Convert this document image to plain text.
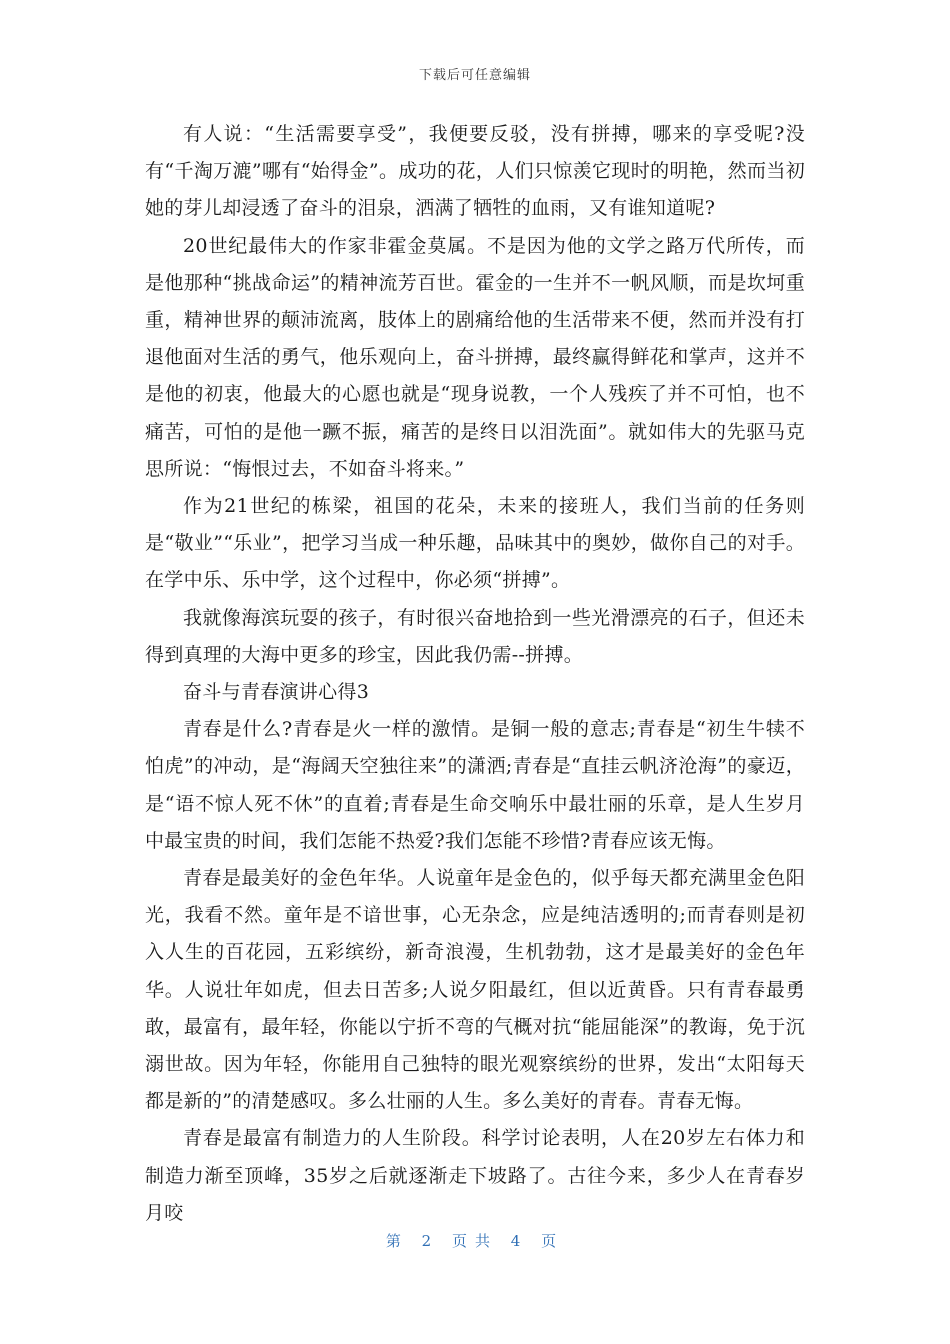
下载后可任意编辑

有人说：“生活需要享受”，我便要反驳，没有拼搏，哪来的享受呢?没有“千淘万漉”哪有“始得金”。成功的花，人们只惊羡它现时的明艳，然而当初她的芽儿却浸透了奋斗的泪泉，洒满了牺牲的血雨，又有谁知道呢?

20世纪最伟大的作家非霍金莫属。不是因为他的文学之路万代所传，而是他那种“挑战命运”的精神流芳百世。霍金的一生并不一帆风顺，而是坎坷重重，精神世界的颠沛流离，肢体上的剧痛给他的生活带来不便，然而并没有打退他面对生活的勇气，他乐观向上，奋斗拼搏，最终赢得鲜花和掌声，这并不是他的初衷，他最大的心愿也就是“现身说教，一个人残疾了并不可怕，也不痛苦，可怕的是他一蹶不振，痛苦的是终日以泪洗面”。就如伟大的先驱马克思所说：“悔恨过去，不如奋斗将来。”

作为21世纪的栋梁，祖国的花朵，未来的接班人，我们当前的任务则是“敬业”“乐业”，把学习当成一种乐趣，品味其中的奥妙，做你自己的对手。在学中乐、乐中学，这个过程中，你必须“拼搏”。

我就像海滨玩耍的孩子，有时很兴奋地拾到一些光滑漂亮的石子，但还未得到真理的大海中更多的珍宝，因此我仍需--拼搏。

奋斗与青春演讲心得3

青春是什么?青春是火一样的激情。是铜一般的意志;青春是“初生牛犊不怕虎”的冲动，是“海阔天空独往来”的潇洒;青春是“直挂云帆济沧海”的豪迈，是“语不惊人死不休”的直着;青春是生命交响乐中最壮丽的乐章，是人生岁月中最宝贵的时间，我们怎能不热爱?我们怎能不珍惜?青春应该无悔。

青春是最美好的金色年华。人说童年是金色的，似乎每天都充满里金色阳光，我看不然。童年是不谙世事，心无杂念，应是纯洁透明的;而青春则是初入人生的百花园，五彩缤纷，新奇浪漫，生机勃勃，这才是最美好的金色年华。人说壮年如虎，但去日苦多;人说夕阳最红，但以近黄昏。只有青春最勇敢，最富有，最年轻，你能以宁折不弯的气概对抗“能屈能深”的教诲，免于沉溺世故。因为年轻，你能用自己独特的眼光观察缤纷的世界，发出“太阳每天都是新的”的清楚感叹。多么壮丽的人生。多么美好的青春。青春无悔。

青春是最富有制造力的人生阶段。科学讨论表明，人在20岁左右体力和制造力渐至顶峰，35岁之后就逐渐走下坡路了。古往今来，多少人在青春岁月咬

第 2 页共 4 页
